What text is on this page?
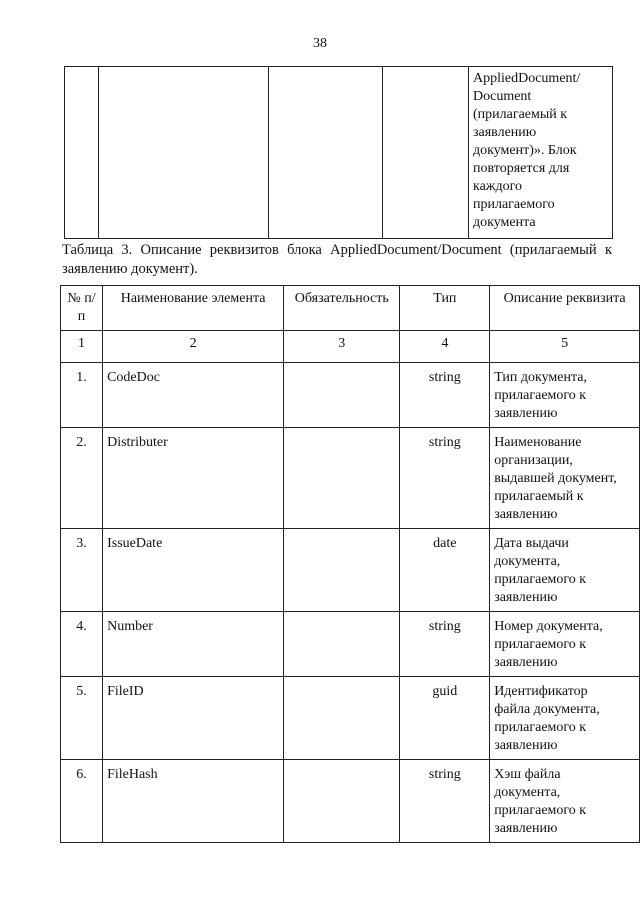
38

AppliedDocument/
Document
(прилагаемый к
заявлению
документ)». Блок
повторяется для
каждого
прилагаемого
документа
Таблица 3. Описание реквизитов блока AppliedDocument/Document (прилагаемый к заявлению документ).
№ п/п	Наименование элемента	Обязательность	Тип	Описание реквизита
1	2	3	4	5
1.	CodeDoc		string	Тип документа,
прилагаемого к
заявлению

2.	Distributer		string	Наименование
организации,
выдавшей документ,
прилагаемый к
заявлению

3.	IssueDate		date	Дата выдачи
документа,
прилагаемого к
заявлению

4.	Number		string	Номер документа,
прилагаемого к
заявлению

5.	FileID		guid	Идентификатор
файла документа,
прилагаемого к
заявлению

6.	FileHash		string	Хэш файла
документа,
прилагаемого к
заявлению
